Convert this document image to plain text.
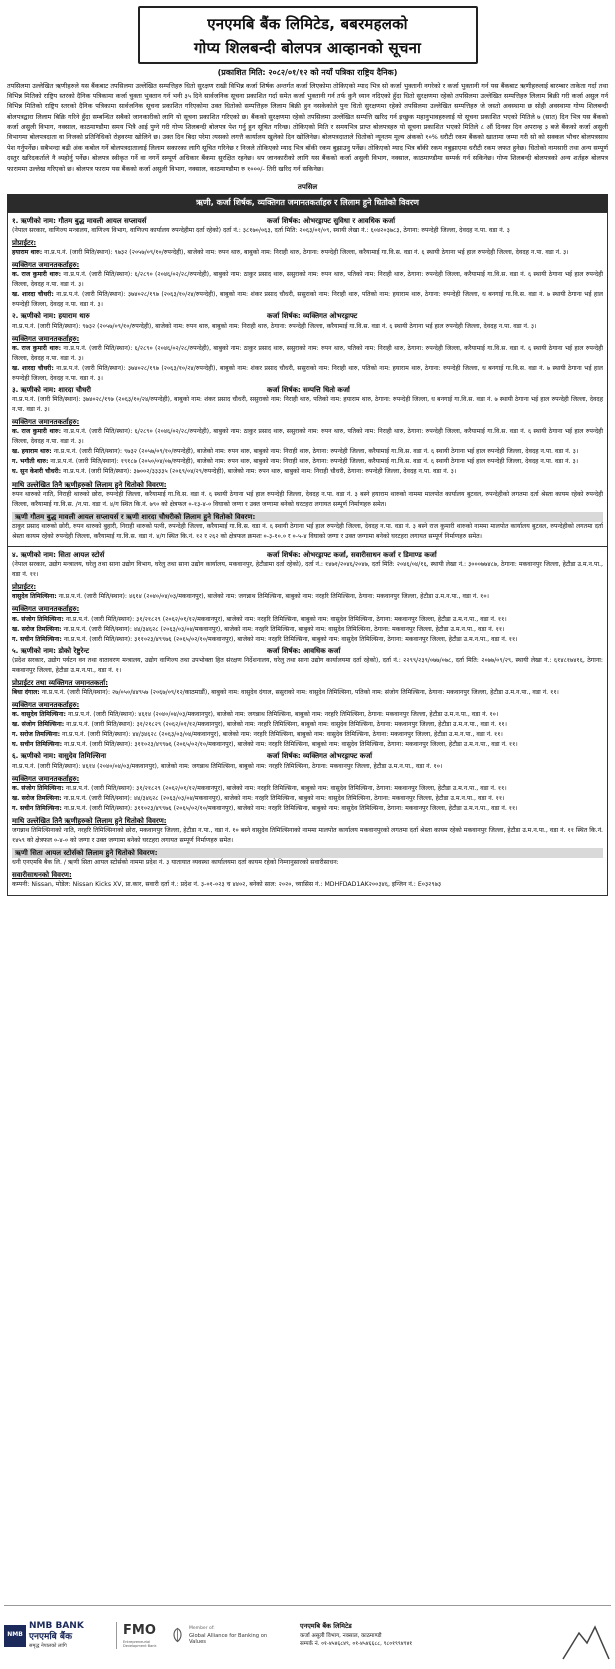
एनएमबि बैंक लिमिटेड, बबरमहलको
गोप्य शिलबन्दी बोलपत्र आव्हानको सूचना
(प्रकाशित मिति: २०८२/०१/१२ को नयाँ पत्रिका राष्ट्रिय दैनिक)
तपसिलमा उल्लेखित ऋणीहरुले यस बैंकबाट तपसिलमा उल्लेखित सम्पत्तिहरु धितो सुरक्षण राखी विभिन्न कर्जा शिर्षक अन्तर्गत कर्जा लिएकोमा तोकिएको म्याद भित्र सो कर्जा भुक्तानी नगरेको र कर्जा भुक्तानी गर्न यस बैंकबाट ऋणीहरुलाई बारम्बार ताकेता गर्दा तथा विभिन्न मितिको राष्ट्रिय स्तरको दैनिक पत्रिकामा कर्जा चुक्ता भुक्तान गर्न भनी ३५ दिने सार्वजनिक सूचना प्रकाशित गर्दा समेत कर्जा भुक्तानी गर्न तर्फ कुनै ध्यान नदिएको हुँदा धितो सुरक्षणमा रहेको तपसिलमा उल्लेखित सम्पत्तिहरु लिलाम बिक्री गरी कर्जा असुल गर्न विभिन्न मितिको राष्ट्रिय स्तरको दैनिक पत्रिकामा सार्वजनिक सूचना प्रकाशित गरिएकोमा उक्त धितोको सम्पत्तिहरु लिलाम बिक्री हुन नसकेकोले पुनः धितो सुरक्षणमा रहेको तपसिलमा उल्लेखित सम्पत्तिहरु जे जस्तो अवस्थामा छ सोही अवस्थामा गोप्य शिलबन्दी बोलपत्रद्वारा लिलाम बिक्रि गरिने हुँदा सम्बन्धित सबैको जानकारीको लागि यो सूचना प्रकाशित गरिएको छ। बैंकको सुरक्षणमा रहेको तपसिलमा उल्लेखित सम्पत्ति खरिद गर्न इच्छुक महानुभावहरुलाई यो सूचना प्रकाशित भएको मितिले ७ (सात) दिन भित्र यस बैंकको कर्जा असुली विभाग, नक्साल, काठमाण्डौमा समय भित्रै आई पुग्ने गरी गोप्य शिलबन्दी बोलपत्र पेश गर्नु हुन सूचित गरिन्छ। तोकिएको मिति र समयभित्र प्राप्त बोलपत्रहरु यो सूचना प्रकाशित भएको मितिले ८ औं दिनका दिन अपरान्ह ३ बजे बैंकको कर्जा असुली विभागमा बोलपत्रदाता वा निजको प्रतिनिधिको रोहवरमा खोलिने छ। उक्त दिन बिदा परेमा त्यसको लगत्तै कार्यालय खुलेको दिन खोलिनेछ। बोलपत्रदाताले धितोको न्यूनतम मूल्य अंकको १०% धरौटी रकम बैंकको खातामा जम्मा गरी सो को सक्कल भौचर बोलपत्रसाथ पेश गर्नुपर्नेछ। सबैभन्दा बढी अंक कबोल गर्ने बोलपत्रदातालाई लिलाम सकारका लागि सूचित गरिनेछ र निजले तोकिएको म्याद भित्र बाँकी रकम बुझाउनु पर्नेछ। तोकिएको म्याद भित्र बाँकी रकम नबुझाएमा धरौटी रकम जफत हुनेछ। धितोको नामसारी तथा अन्य सम्पूर्ण दस्तुर खरिदकर्ताले नै व्यहोर्नु पर्नेछ। बोलपत्र स्वीकृत गर्ने वा नगर्ने सम्पूर्ण अधिकार बैंकमा सुरक्षित रहनेछ। थप जानकारीको लागि यस बैंकको कर्जा असुली विभाग, नक्साल, काठमाण्डौमा सम्पर्क गर्न सकिनेछ। गोप्य शिलबन्दी बोलपत्रको अन्य शर्तहरु बोलपत्र फाराममा उल्लेख गरिएको छ। बोलपत्र फाराम यस बैंकको कर्जा असुली विभाग, नक्साल, काठमाण्डौमा रु १०००/- तिरी खरिद गर्न सकिनेछ।
तपसिल
ऋणी, कर्जा शिर्षक, व्यक्तिगत जमानतकर्ताहरु र लिलाम हुने धितोको विवरण
१. ऋणीको नाम: गौतम बुद्ध मावली आयल सप्लायर्स	कर्जा शिर्षक: ओभरड्राफ्ट सुविधा र आवधिक कर्जा
(नेपाल सरकार, वाणिज्य मन्त्रालय, वाणिज्य विभाग, वाणिज्य कार्यालय रुपन्देहीमा दर्ता रहेको) दर्ता नं.: ३८१७०/०६३, दर्ता मिति: २०६३/०१/०९, स्थायी लेखा नं.: ६०४२०३७८३, ठेगाना: रुपन्देही जिल्ला, देवदह न.पा. वडा नं. ३
प्रोप्राईटर:
हयाराम थारु: ना.प्र.प.नं. (जारी मिति/स्थान): ९७३२ (२०५७/०९/१०/रुपन्देही), बाजेको नाम: रुपन थारु, बाबुको नाम: निराही थारु, ठेगाना: रुपन्देही जिल्ला, करैयामाई गा.वि.स. वडा नं. ६ स्थायी ठेगाना भई हाल रुपन्देही जिल्ला, देवदह न.पा. वडा नं. ३।
व्यक्तिगत जमानतकर्ताहरु:
क. राज कुमारी थारु: ना.प्र.प.नं. (जारी मिति/स्थान): ६/२८९० (२०४६/०२/२८/रुपन्देही), बाबुको नाम: ठाकुर प्रसाद थारु, ससुराको नाम: रुपन थारु, पतिको नाम: निराही थारु, ठेगाना: रुपन्देही जिल्ला, करैयामाई गा.वि.स. वडा नं. ६ स्थायी ठेगाना भई हाल रुपन्देही जिल्ला, देवदह न.पा. वडा नं. ३।
ख. शारदा चौधरी: ना.प्र.प.नं. (जारी मिति/स्थान): ३७४०२८/१९७ (२०६३/१०/२४/रुपन्देही), बाबुको नाम: शंकर प्रसाद चौधरी, ससुराको नाम: निराही थारु, पतिको नाम: हयाराम थारु, ठेगाना: रुपन्देही जिल्ला, ध बनगाई गा.वि.स. वडा नं. ७ स्थायी ठेगाना भई हाल रुपन्देही जिल्ला, देवदह न.पा. वडा नं. ३।
२. ऋणीको नाम: हयाराम थारु	कर्जा शिर्षक: व्यक्तिगत ओभरड्राफ्ट
ना.प्र.प.नं. (जारी मिति/स्थान): ९७३२ (२०५७/०९/१०/रुपन्देही), बाजेको नाम: रुपन थारु, बाबुको नाम: निराही थारु, ठेगाना: रुपन्देही जिल्ला, करैयामाई गा.वि.स. वडा नं. ६ स्थायी ठेगाना भई हाल रुपन्देही जिल्ला, देवदह न.पा. वडा नं. ३।
व्यक्तिगत जमानतकर्ताहरु:
क. राज कुमारी थारु: ना.प्र.प.नं. (जारी मिति/स्थान): ६/२८९० (२०४६/०२/२८/रुपन्देही), बाबुको नाम: ठाकुर प्रसाद थारु, ससुराको नाम: रुपन थारु, पतिको नाम: निराही थारु, ठेगाना: रुपन्देही जिल्ला, करैयामाई गा.वि.स. वडा नं. ६ स्थायी ठेगाना भई हाल रुपन्देही जिल्ला, देवदह न.पा. वडा नं. ३।
ख. शारदा चौधरी: ना.प्र.प.नं. (जारी मिति/स्थान): ३७४०२८/१९७ (२०६३/१०/२४/रुपन्देही), बाबुको नाम: शंकर प्रसाद चौधरी, ससुराको नाम: निराही थारु, पतिको नाम: हयाराम थारु, ठेगाना: रुपन्देही जिल्ला, ध बनगाई गा.वि.स. वडा नं. ७ स्थायी ठेगाना भई हाल रुपन्देही जिल्ला, देवदह न.पा. वडा नं. ३।
३. ऋणीको नाम: शारदा चौधरी	कर्जा शिर्षक: सम्पत्ति धितो कर्जा
ना.प्र.प.नं. (जारी मिति/स्थान): ३७४०२८/१९७ (२०६३/१०/२४/रुपन्देही), बाबुको नाम: शंकर प्रसाद चौधरी, ससुराको नाम: निराही थारु, पतिको नाम: हयाराम थारु, ठेगाना: रुपन्देही जिल्ला, ध बनगाई गा.वि.स. वडा नं. ७ स्थायी ठेगाना भई हाल रुपन्देही जिल्ला, देवदह न.पा. वडा नं. ३।
व्यक्तिगत जमानतकर्ताहरु:
क. राज कुमारी थारु: ना.प्र.प.नं. (जारी मिति/स्थान): ६/२८९० (२०४६/०२/२८/रुपन्देही), बाबुको नाम: ठाकुर प्रसाद थारु, ससुराको नाम: रुपन थारु, पतिको नाम: निराही थारु, ठेगाना: रुपन्देही जिल्ला, करैयामाई गा.वि.स. वडा नं. ६ स्थायी ठेगाना भई हाल रुपन्देही जिल्ला, देवदह न.पा. वडा नं. ३।
ख. हयाराम थारु: ना.प्र.प.नं. (जारी मिति/स्थान): ९७३२ (२०५७/०९/१०/रुपन्देही), बाजेको नाम: रुपन थारु, बाबुको नाम: निराही थारु, ठेगाना: रुपन्देही जिल्ला, करैयामाई गा.वि.स. वडा नं. ६ स्थायी ठेगाना भई हाल रुपन्देही जिल्ला, देवदह न.पा. वडा नं. ३।
ग. भगौती थारु: ना.प्र.प.नं. (जारी मिति/स्थान): १९१८७ (२०५०/०४/०७/रुपन्देही), बाजेको नाम: रुपन थारु, बाबुको नाम: निराही थारु, ठेगाना: रुपन्देही जिल्ला, करैयामाई गा.वि.स. वडा नं. ६ स्थायी ठेगाना भई हाल रुपन्देही जिल्ला, देवदह न.पा. वडा नं. ३।
घ. सुन केशरी चौधरी: ना.प्र.प.नं. (जारी मिति/स्थान): ३७००२/३३३३५ (२०६९/०४/२९/रुपन्देही), बाजेको नाम: रुपन थारु, बाबुको नाम: निराही चौधरी, ठेगाना: रुपन्देही जिल्ला, देवदह न.पा. वडा नं. ३।
माथि उल्लेखित तिनै ऋणीहरुको लिलाम हुने धितोको विवरण:
रुपन थारुको नाति, निराही थारुको छोरा, रुपन्देही जिल्ला, करैयामाई गा.वि.स. वडा नं. ६ स्थायी ठेगाना भई हाल रुपन्देही जिल्ला, देवदह न.पा. वडा नं. ३ बस्ने हयाराम थारुको नाममा मालपोत कार्यालय बुटवल, रुपन्देहीको लगतमा दर्ता श्रेस्ता कायम रहेको रुपन्देही जिल्ला, करैयामाई गा.वि.स. /न.पा. वडा नं. ४/ग स्थित कि.नं. ७९० को क्षेत्रफल ०-१३-४-० विघाको जग्गा र उक्त जग्गामा बनेको घरटहरा लगायत सम्पूर्ण निर्माणहरु समेत।
ऋणी गौतम बुद्ध मावली आयल सप्लायर्स र ऋणी शारदा चौधरीको लिलाम हुने धितोको विवरण:
ठाकुर प्रसाद थारुको छोरी, रुपन थारुको बुहारी, निराही थारुको पत्नी, रुपन्देही जिल्ला, करैयामाई गा.वि.स. वडा नं. ६ स्थायी ठेगाना भई हाल रुपन्देही जिल्ला, देवदह न.पा. वडा नं. ३ बस्ने राज कुमारी थारुको नाममा मालपोत कार्यालय बुटवल, रुपन्देहीको लगतमा दर्ता श्रेस्ता कायम रहेको रुपन्देही जिल्ला, करैयामाई गा.वि.स. वडा नं. ४/ग स्थित कि.नं. १२ र २६२ को क्षेत्रफल क्रमशः ०-३-१०.० र ०-५-४ विघाको जग्गा र उक्त जग्गामा बनेको घरटहरा लगायत सम्पूर्ण निर्माणहरु समेत।
४. ऋणीको नाम: सिता आयल स्टोर्स	कर्जा शिर्षक: ओभरड्राफ्ट कर्जा, सवारीसाधन कर्जा र डिमाण्ड कर्जा
(नेपाल सरकार, उद्योग मन्त्रालय, घरेलु तथा साना उद्योग विभाग, घरेलु तथा साना उद्योग कार्यालय, मकवानपुर, हेटौडामा दर्ता रहेको), दर्ता नं.: १४७१/२०४६/२०४७, दर्ता मिति: २०४६/०४/१६, स्थायी लेखा नं.: ३०००७७४८७, ठेगाना: मकवानपुर जिल्ला, हेटौडा उ.म.न.पा., वडा नं. ११।
प्रोप्राईटर:
वासुदेव तिमिल्सिना: ना.प्र.प.नं. (जारी मिति/स्थान): ४६१४ (२०४०/०४/०३/मकवानपुर), बाजेको नाम: जगन्नाथ तिमिल्सिना, बाबुको नाम: नरहरि तिमिल्सिना, ठेगाना: मकवानपुर जिल्ला, हेटौडा उ.म.न.पा., वडा नं. १०।
व्यक्तिगत जमानतकर्ताहरु:
क. संजोग तिमिल्सिना: ना.प्र.प.नं. (जारी मिति/स्थान): ३१/२१८२९ (२०६२/०१/१२/मकवानपुर), बाजेको नाम: नरहरि तिमिल्सिना, बाबुको नाम: वासुदेव तिमिल्सिना, ठेगाना: मकवानपुर जिल्ला, हेटौडा उ.म.न.पा., वडा नं. ११।
ख. सरोज तिमल्सिना: ना.प्र.प.नं. (जारी मिति/स्थान): ४४/३४६२८ (२०६३/०३/०४/मकवानपुर), बाजेको नाम: नरहरि तिमिल्सिना, बाबुको नाम: वासुदेव तिमिल्सिना, ठेगाना: मकवानपुर जिल्ला, हेटौडा उ.म.न.पा., वडा नं. ११।
ग. सचीन तिमिल्सिना: ना.प्र.प.नं. (जारी मिति/स्थान): ३११०२३/४९९७६ (२०६५/०२/१०/मकवानपुर), बाजेको नाम: नरहरि तिमिल्सिना, बाबुको नाम: वासुदेव तिमिल्सिना, ठेगाना: मकवानपुर जिल्ला, हेटौडा उ.म.न.पा., वडा नं. ११।
५. ऋणीको नाम: डोको रेष्टुरेन्ट	कर्जा शिर्षक: आवधिक कर्जा
(प्रदेश सरकार, उद्योग पर्यटन वन तथा वातावरण मन्त्रालय, उद्योग वाणिज्य तथा उपभोक्ता हित संरक्षण निर्देशनालय, घरेलु तथा साना उद्योग कार्यालयमा दर्ता रहेको), दर्ता नं.: २२९९/२३९/०७७/०७८, दर्ता मिति: २०७७/०९/२९, स्थायी लेखा नं.: ६१४८१७४१६, ठेगाना: मकवानपुर जिल्ला, हेटौडा उ.म.न.पा., वडा नं. १।
प्रोप्राईटर तथा व्यक्तिगत जमानतकर्ता:
बिधा दंगाल: ना.प्र.प.नं. (जारी मिति/स्थान): २७/०५०/४४९५७ (२०६७/०९/१२/काठमाडौं), बाबुको नाम: वासुदेव दंगाल, ससुराको नाम: वासुदेव तिमिल्सिना, पतिको नाम: संजोग तिमिल्सिना, ठेगाना: मकवानपुर जिल्ला, हेटौडा उ.म.न.पा., वडा नं. ११।
व्यक्तिगत जमानतकर्ताहरु:
क. वासुदेव तिमिल्सिना: ना.प्र.प.नं. (जारी मिति/स्थान): ४६१४ (२०४०/०४/०३/मकवानपुर), बाजेको नाम: जगन्नाथ तिमिल्सिना, बाबुको नाम: नरहरि तिमिल्सिना, ठेगाना: मकवानपुर जिल्ला, हेटौडा उ.म.न.पा., वडा नं. १०।
ख. संजोग तिमिल्सिना: ना.प्र.प.नं. (जारी मिति/स्थान): ३१/२१८२९ (२०६२/०१/१२/मकवानपुर), बाजेको नाम: नरहरि तिमिल्सिना, बाबुको नाम: वासुदेव तिमिल्सिना, ठेगाना: मकवानपुर जिल्ला, हेटौडा उ.म.न.पा., वडा नं. ११।
ग. सरोज तिमल्सिना: ना.प्र.प.नं. (जारी मिति/स्थान): ४४/३४६२८ (२०६३/०३/०४/मकवानपुर), बाजेको नाम: नरहरि तिमिल्सिना, बाबुको नाम: वासुदेव तिमिल्सिना, ठेगाना: मकवानपुर जिल्ला, हेटौडा उ.म.न.पा., वडा नं. ११।
घ. सचीन तिमिल्सिना: ना.प्र.प.नं. (जारी मिति/स्थान): ३११०२३/४९९७६ (२०६५/०२/१०/मकवानपुर), बाजेको नाम: नरहरि तिमिल्सिना, बाबुको नाम: वासुदेव तिमिल्सिना, ठेगाना: मकवानपुर जिल्ला, हेटौडा उ.म.न.पा., वडा नं. ११।
६. ऋणीको नाम: वासुदेव तिमिल्सिना	कर्जा शिर्षक: व्यक्तिगत ओभरड्राफ्ट कर्जा
ना.प्र.प.नं. (जारी मिति/स्थान): ४६१४ (२०४०/०४/०३/मकवानपुर), बाजेको नाम: जगन्नाथ तिमिल्सिना, बाबुको नाम: नरहरि तिमिल्सिना, ठेगाना: मकवानपुर जिल्ला, हेटौडा उ.म.न.पा., वडा नं. १०।
व्यक्तिगत जमानतकर्ताहरु:
क. संजोग तिमिल्सिना: ना.प्र.प.नं. (जारी मिति/स्थान): ३१/२१८२९ (२०६२/०१/१२/मकवानपुर), बाजेको नाम: नरहरि तिमिल्सिना, बाबुको नाम: वासुदेव तिमिल्सिना, ठेगाना: मकवानपुर जिल्ला, हेटौडा उ.म.न.पा., वडा नं. ११।
ख. सरोज तिमल्सिना: ना.प्र.प.नं. (जारी मिति/स्थान): ४४/३४६२८ (२०६३/०३/०४/मकवानपुर), बाजेको नाम: नरहरि तिमिल्सिना, बाबुको नाम: वासुदेव तिमिल्सिना, ठेगाना: मकवानपुर जिल्ला, हेटौडा उ.म.न.पा., वडा नं. ११।
ग. सचीन तिमिल्सिना: ना.प्र.प.नं. (जारी मिति/स्थान): ३११०२३/४९९७६ (२०६५/०२/१०/मकवानपुर), बाजेको नाम: नरहरि तिमिल्सिना, बाबुको नाम: वासुदेव तिमिल्सिना, ठेगाना: मकवानपुर जिल्ला, हेटौडा उ.म.न.पा., वडा नं. ११।
माथि उल्लेखित तिनै ऋणीहरुको लिलाम हुने धितोको विवरण:
जगन्नाथ तिमिल्सिनाको नाति, नरहरि तिमिल्सिनाको छोरा, मकवानपुर जिल्ला, हेटौडा न.पा., वडा नं. १० बस्ने वासुदेव तिमिल्सिनाको नाममा मालपोत कार्यालय मकवानपुरको लगतमा दर्ता श्रेस्ता कायम रहेको मकवानपुर जिल्ला, हेटौडा उ.म.न.पा., वडा नं. ११ स्थित कि.नं. १४५९ को क्षेत्रफल ०-४-० को जग्गा र उक्त जग्गामा बनेको घरटहरा लगायत सम्पूर्ण निर्माणहरु समेत।
ऋणी सिता आयल स्टोर्सको लिलाम हुने धितोको विवरण:
धनी एनएमबि बैंक लि. / ऋणी सिता आयल स्टोर्सको नाममा प्रदेश नं. ३ यातायात व्यवस्था कार्यालयमा दर्ता कायम रहेको निम्नानुसारको सवारीसाधन:
सवारीसाधनको विवरण:
कम्पनी: Nissan, मोडेल: Nissan Kicks XV, प्रा.कार, सवारी दर्ता नं.: प्रदेश नं. ३-०१-०२३ च ४४०२, बनेको साल: २०२०, च्यासिस नं.: MDHFDAD1AK२००३४६, इन्जिन नं.: E०३२९७३
NMB
NMB BANK
एनएमबि बैंक
समृद्ध नेपालको लागि
FMO
Entrepreneurial Development Bank
Member of:
Global Alliance for Banking on Values
एनएमबि बैंक लिमिटेड
कर्जा असुली विभाग, नक्साल, काठमाण्डौ
सम्पर्क नं. ०१-४५४६८४९, ०१-४५४६६८८, ९८०१९९४९४१
